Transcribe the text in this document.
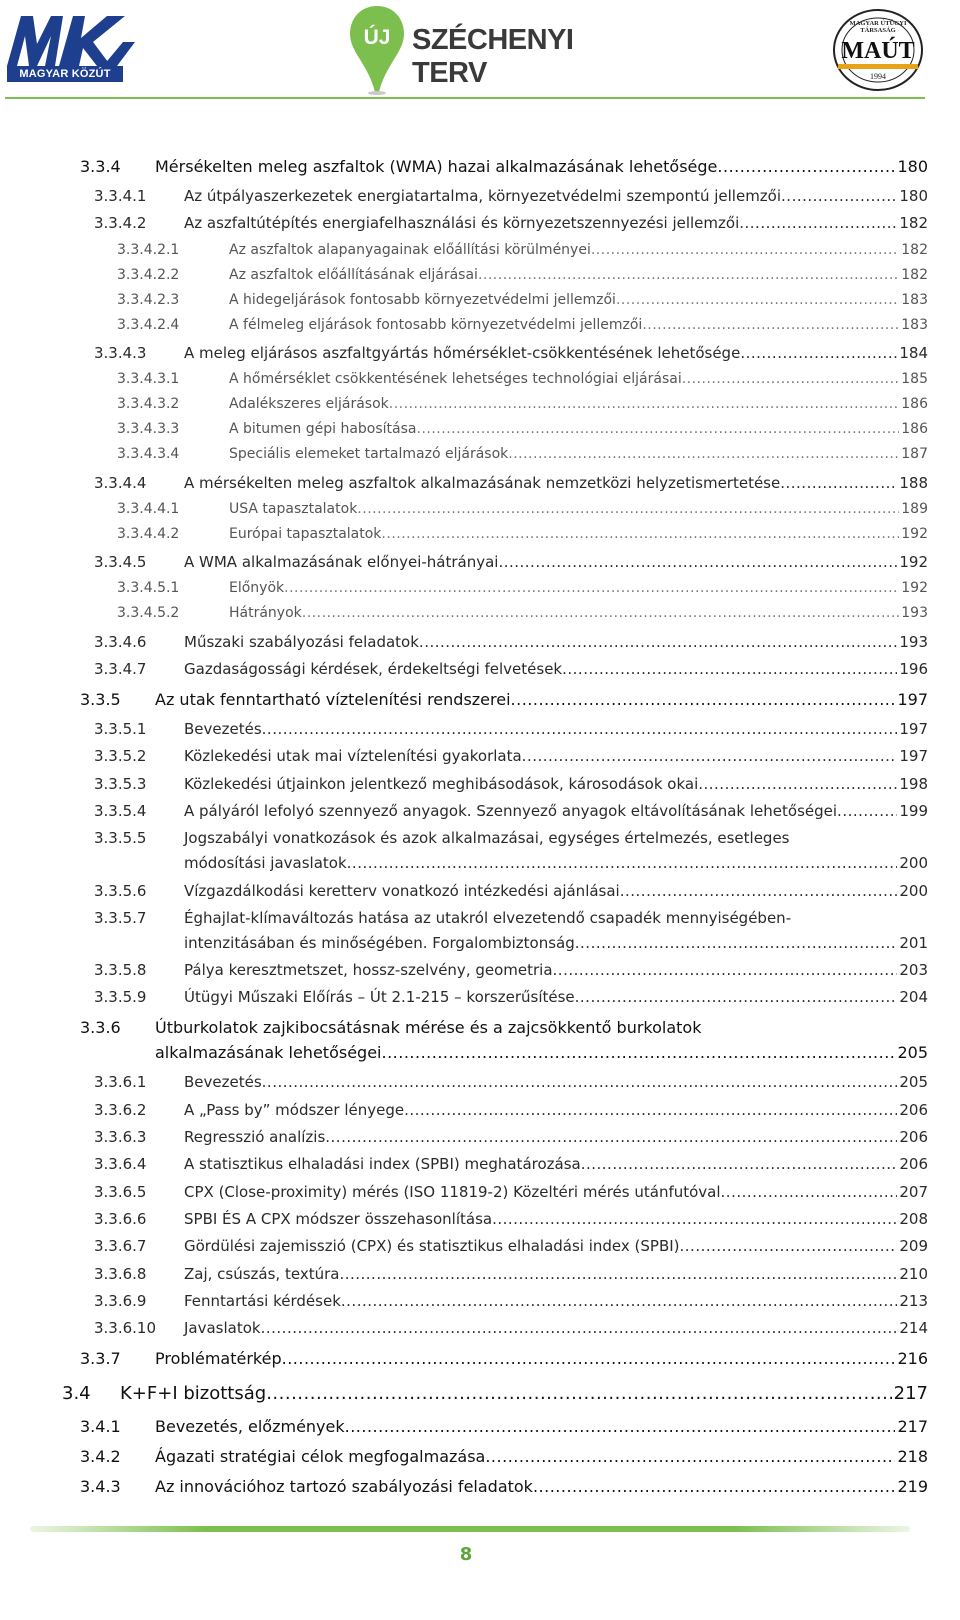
MAGYAR KÖZÚT
ÚJ SZÉCHENYI TERV
MAGYAR ÚTÜGYI TÁRSASÁG
MAÚT
1994
3.3.4	Mérsékelten meleg aszfaltok (WMA) hazai alkalmazásának lehetősége .....	180
3.3.4.1	Az útpályaszerkezetek energiatartalma, környezetvédelmi szempontú jellemzői .....	180
3.3.4.2	Az aszfaltútépítés energiafelhasználási és környezetszennyezési jellemzői .....	182
3.3.4.2.1	Az aszfaltok alapanyagainak előállítási körülményei .....	182
3.3.4.2.2	Az aszfaltok előállításának eljárásai .....	182
3.3.4.2.3	A hidegeljárások fontosabb környezetvédelmi jellemzői .....	183
3.3.4.2.4	A félmeleg eljárások fontosabb környezetvédelmi jellemzői .....	183
3.3.4.3	A meleg eljárásos aszfaltgyártás hőmérséklet-csökkentésének lehetősége .....	184
3.3.4.3.1	A hőmérséklet csökkentésének lehetséges technológiai eljárásai .....	185
3.3.4.3.2	Adalékszeres eljárások .....	186
3.3.4.3.3	A bitumen gépi habosítása .....	186
3.3.4.3.4	Speciális elemeket tartalmazó eljárások .....	187
3.3.4.4	A mérsékelten meleg aszfaltok alkalmazásának nemzetközi helyzetismertetése .....	188
3.3.4.4.1	USA tapasztalatok .....	189
3.3.4.4.2	Európai tapasztalatok .....	192
3.3.4.5	A WMA alkalmazásának előnyei-hátrányai .....	192
3.3.4.5.1	Előnyök .....	192
3.3.4.5.2	Hátrányok .....	193
3.3.4.6	Műszaki szabályozási feladatok .....	193
3.3.4.7	Gazdaságossági kérdések, érdekeltségi felvetések .....	196
3.3.5	Az utak fenntartható víztelenítési rendszerei .....	197
3.3.5.1	Bevezetés .....	197
3.3.5.2	Közlekedési utak mai víztelenítési gyakorlata .....	197
3.3.5.3	Közlekedési útjainkon jelentkező meghibásodások, károsodások okai .....	198
3.3.5.4	A pályáról lefolyó szennyező anyagok. Szennyező anyagok eltávolításának lehetőségei .....	199
3.3.5.5	Jogszabályi vonatkozások és azok alkalmazásai, egységes értelmezés, esetleges
módosítási javaslatok .....	200
3.3.5.6	Vízgazdálkodási keretterv vonatkozó intézkedési ajánlásai .....	200
3.3.5.7	Éghajlat-klímaváltozás hatása az utakról elvezetendő csapadék mennyiségében-
intenzitásában és minőségében. Forgalombiztonság .....	201
3.3.5.8	Pálya keresztmetszet, hossz-szelvény, geometria .....	203
3.3.5.9	Útügyi Műszaki Előírás – Út 2.1-215 – korszerűsítése .....	204
3.3.6	Útburkolatok zajkibocsátásnak mérése és a zajcsökkentő burkolatok
alkalmazásának lehetőségei .....	205
3.3.6.1	Bevezetés .....	205
3.3.6.2	A „Pass by” módszer lényege .....	206
3.3.6.3	Regresszió analízis .....	206
3.3.6.4	A statisztikus elhaladási index (SPBI) meghatározása .....	206
3.3.6.5	CPX (Close-proximity) mérés (ISO 11819-2) Közeltéri mérés utánfutóval .....	207
3.3.6.6	SPBI ÉS A CPX módszer összehasonlítása .....	208
3.3.6.7	Gördülési zajemisszió (CPX) és statisztikus elhaladási index (SPBI) .....	209
3.3.6.8	Zaj, csúszás, textúra .....	210
3.3.6.9	Fenntartási kérdések .....	213
3.3.6.10	Javaslatok .....	214
3.3.7	Problématérkép .....	216
3.4	K+F+I bizottság .....	217
3.4.1	Bevezetés, előzmények .....	217
3.4.2	Ágazati stratégiai célok megfogalmazása .....	218
3.4.3	Az innovációhoz tartozó szabályozási feladatok .....	219
8
